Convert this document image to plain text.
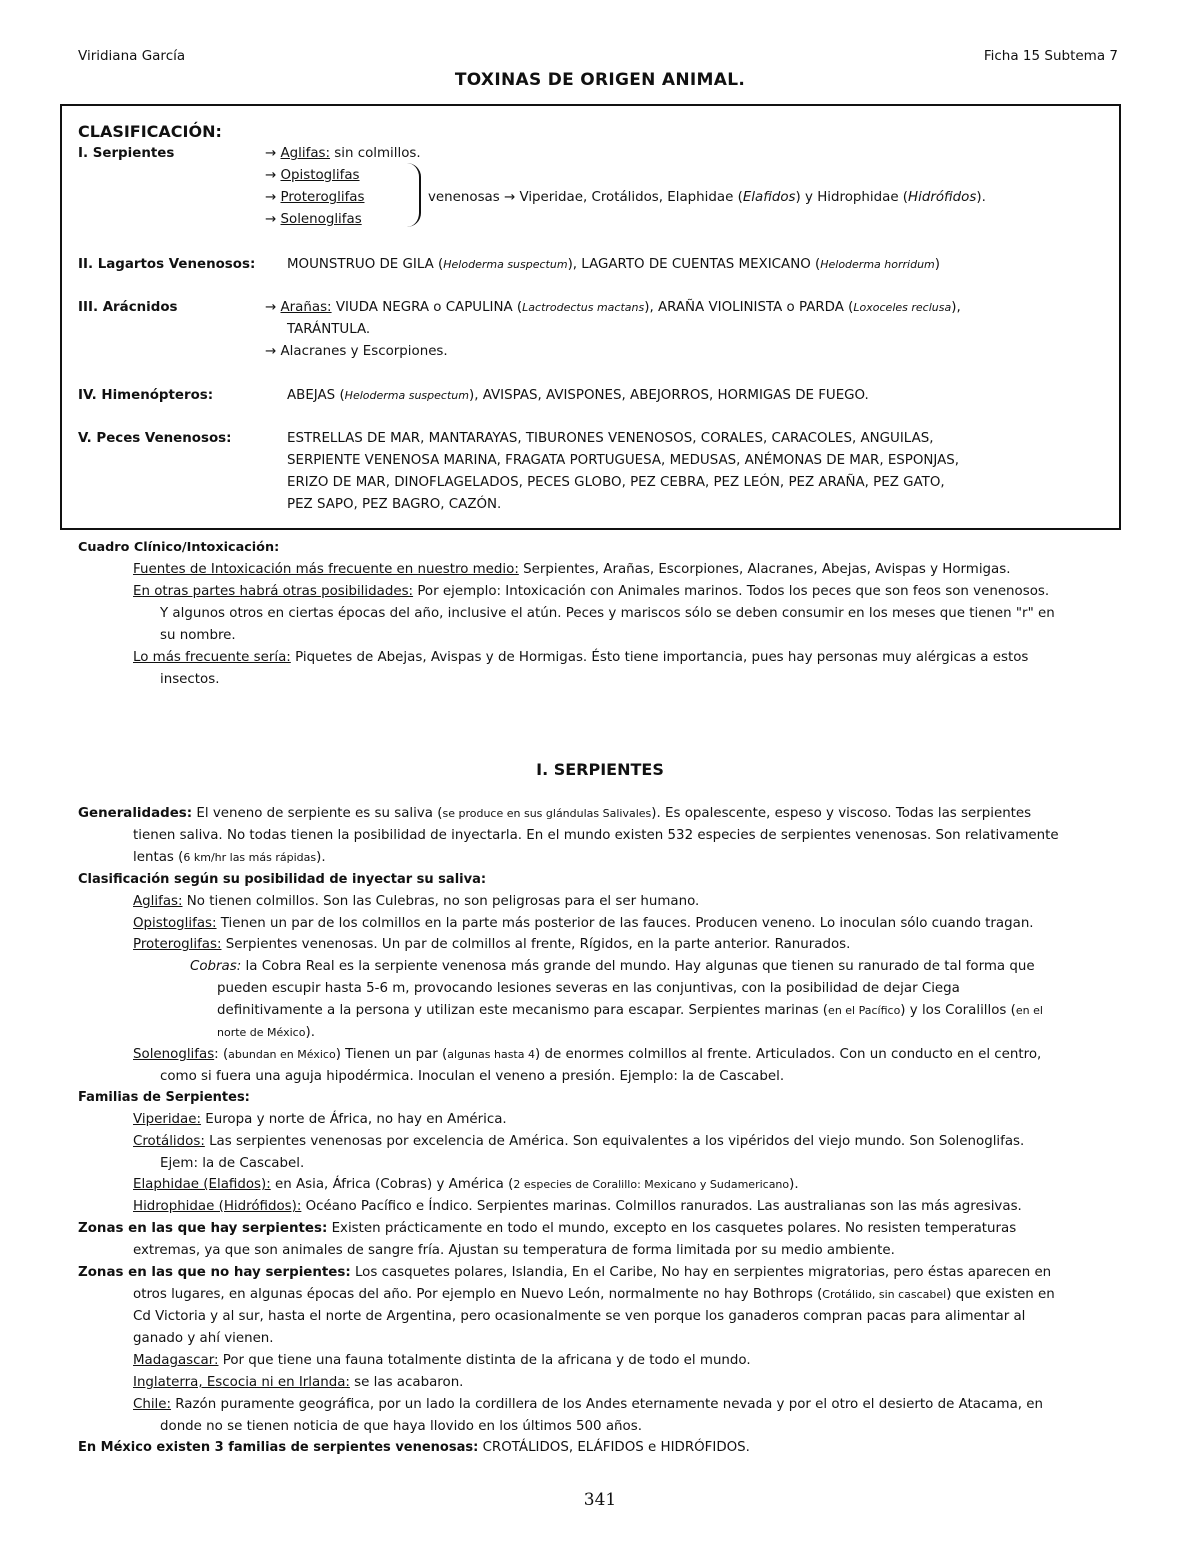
Viridiana García	Ficha 15 Subtema 7
TOXINAS DE ORIGEN ANIMAL.
CLASIFICACIÓN:
I. Serpientes	→ Aglifas: sin colmillos.
→ Opistoglifas
→ Proteroglifas
→ Solenoglifas
venenosas → Viperidae, Crotálidos, Elaphidae (Elafidos) y Hidrophidae (Hidrófidos).
II. Lagartos Venenosos: MOUNSTRUO DE GILA (Heloderma suspectum), LAGARTO DE CUENTAS MEXICANO (Heloderma horridum)
III. Arácnidos	→ Arañas: VIUDA NEGRA o CAPULINA (Lactrodectus mactans), ARAÑA VIOLINISTA o PARDA (Loxoceles reclusa),
TARÁNTULA.
→ Alacranes y Escorpiones.
IV. Himenópteros:	ABEJAS (Heloderma suspectum), AVISPAS, AVISPONES, ABEJORROS, HORMIGAS DE FUEGO.
V. Peces Venenosos:	ESTRELLAS DE MAR, MANTARAYAS, TIBURONES VENENOSOS, CORALES, CARACOLES, ANGUILAS,
SERPIENTE VENENOSA MARINA, FRAGATA PORTUGUESA, MEDUSAS, ANÉMONAS DE MAR, ESPONJAS,
ERIZO DE MAR, DINOFLAGELADOS, PECES GLOBO, PEZ CEBRA, PEZ LEÓN, PEZ ARAÑA, PEZ GATO,
PEZ SAPO, PEZ BAGRO, CAZÓN.
Cuadro Clínico/Intoxicación:
Fuentes de Intoxicación más frecuente en nuestro medio: Serpientes, Arañas, Escorpiones, Alacranes, Abejas, Avispas y Hormigas.
En otras partes habrá otras posibilidades: Por ejemplo: Intoxicación con Animales marinos. Todos los peces que son feos son venenosos.
Y algunos otros en ciertas épocas del año, inclusive el atún. Peces y mariscos sólo se deben consumir en los meses que tienen "r" en
su nombre.
Lo más frecuente sería: Piquetes de Abejas, Avispas y de Hormigas. Ésto tiene importancia, pues hay personas muy alérgicas a estos
insectos.
I. SERPIENTES
Generalidades: El veneno de serpiente es su saliva (se produce en sus glándulas Salivales). Es opalescente, espeso y viscoso. Todas las serpientes
tienen saliva. No todas tienen la posibilidad de inyectarla. En el mundo existen 532 especies de serpientes venenosas. Son relativamente
lentas (6 km/hr las más rápidas).
Clasificación según su posibilidad de inyectar su saliva:
Aglifas: No tienen colmillos. Son las Culebras, no son peligrosas para el ser humano.
Opistoglifas: Tienen un par de los colmillos en la parte más posterior de las fauces. Producen veneno. Lo inoculan sólo cuando tragan.
Proteroglifas: Serpientes venenosas. Un par de colmillos al frente, Rígidos, en la parte anterior. Ranurados.
Cobras: la Cobra Real es la serpiente venenosa más grande del mundo. Hay algunas que tienen su ranurado de tal forma que
pueden escupir hasta 5-6 m, provocando lesiones severas en las conjuntivas, con la posibilidad de dejar Ciega
definitivamente a la persona y utilizan este mecanismo para escapar. Serpientes marinas (en el Pacífico) y los Coralillos (en el
norte de México).
Solenoglifas: (abundan en México) Tienen un par (algunas hasta 4) de enormes colmillos al frente. Articulados. Con un conducto en el centro,
como si fuera una aguja hipodérmica. Inoculan el veneno a presión. Ejemplo: la de Cascabel.
Familias de Serpientes:
Viperidae: Europa y norte de África, no hay en América.
Crotálidos: Las serpientes venenosas por excelencia de América. Son equivalentes a los vipéridos del viejo mundo. Son Solenoglifas.
Ejem: la de Cascabel.
Elaphidae (Elafidos): en Asia, África (Cobras) y América (2 especies de Coralillo: Mexicano y Sudamericano).
Hidrophidae (Hidrófidos): Océano Pacífico e Índico. Serpientes marinas. Colmillos ranurados. Las australianas son las más agresivas.
Zonas en las que hay serpientes: Existen prácticamente en todo el mundo, excepto en los casquetes polares. No resisten temperaturas
extremas, ya que son animales de sangre fría. Ajustan su temperatura de forma limitada por su medio ambiente.
Zonas en las que no hay serpientes: Los casquetes polares, Islandia, En el Caribe, No hay en serpientes migratorias, pero éstas aparecen en
otros lugares, en algunas épocas del año. Por ejemplo en Nuevo León, normalmente no hay Bothrops (Crotálido, sin cascabel) que existen en
Cd Victoria y al sur, hasta el norte de Argentina, pero ocasionalmente se ven porque los ganaderos compran pacas para alimentar al
ganado y ahí vienen.
Madagascar: Por que tiene una fauna totalmente distinta de la africana y de todo el mundo.
Inglaterra, Escocia ni en Irlanda: se las acabaron.
Chile: Razón puramente geográfica, por un lado la cordillera de los Andes eternamente nevada y por el otro el desierto de Atacama, en
donde no se tienen noticia de que haya llovido en los últimos 500 años.
En México existen 3 familias de serpientes venenosas: CROTÁLIDOS, ELÁFIDOS e HIDRÓFIDOS.
341
